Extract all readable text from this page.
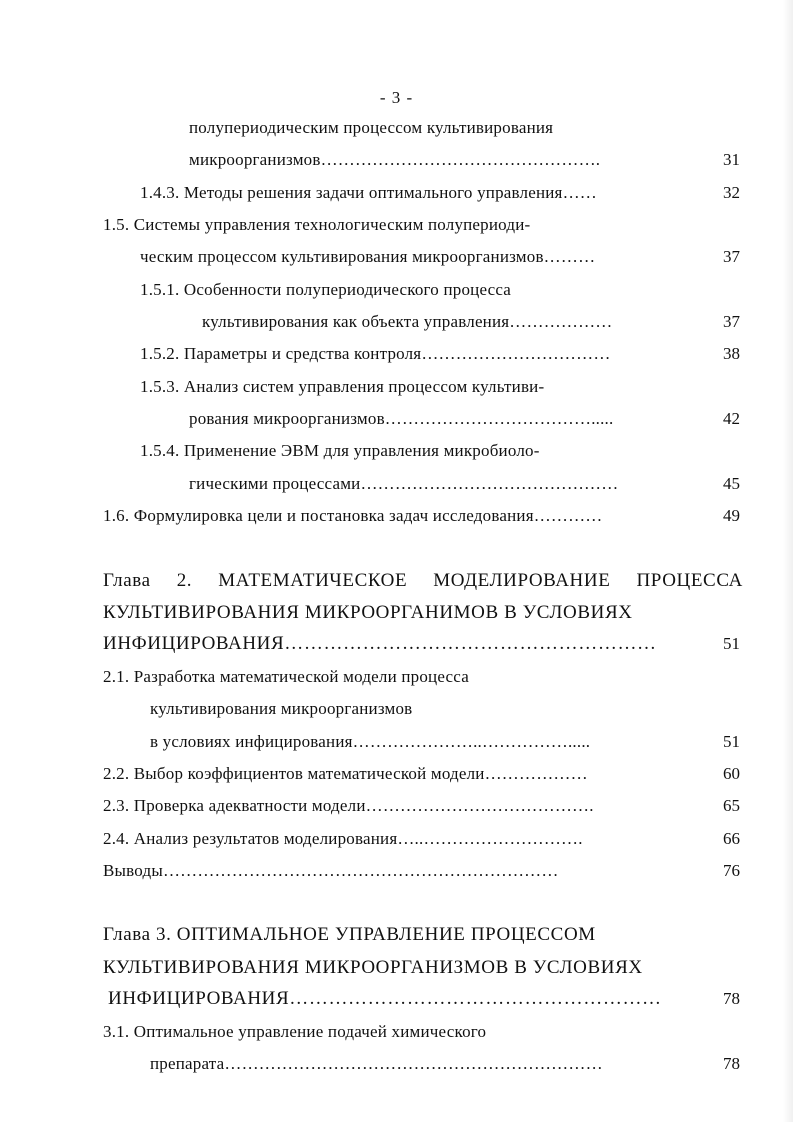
- 3 -
полупериодическим процессом культивирования
микроорганизмов………………………………………….	31
1.4.3. Методы решения задачи оптимального управления……	32
1.5. Системы управления технологическим полупериоди-
ческим процессом культивирования микроорганизмов………	37
1.5.1. Особенности полупериодического процесса
культивирования как объекта управления………………	37
1.5.2. Параметры и средства контроля……………………………	38
1.5.3. Анализ систем управления процессом культиви-
рования микроорганизмов……………………………….....	42
1.5.4. Применение ЭВМ для управления микробиоло-
гическими процессами………………………………………	45
1.6. Формулировка цели и постановка задач исследования…………	49
Глава 2. МАТЕМАТИЧЕСКОЕ МОДЕЛИРОВАНИЕ ПРОЦЕССА
КУЛЬТИВИРОВАНИЯ МИКРООРГАНИМОВ В УСЛОВИЯХ
ИНФИЦИРОВАНИЯ…………………………………………………	51
2.1. Разработка математической модели процесса
культивирования микроорганизмов
в условиях инфицирования…………………..…………….....	51
2.2. Выбор коэффициентов математической модели………………	60
2.3. Проверка адекватности модели………………………………….	65
2.4. Анализ результатов моделирования…..……………………….	66
Выводы……………………………………………………………	76
Глава 3. ОПТИМАЛЬНОЕ УПРАВЛЕНИЕ ПРОЦЕССОМ
КУЛЬТИВИРОВАНИЯ МИКРООРГАНИЗМОВ В УСЛОВИЯХ
ИНФИЦИРОВАНИЯ…………………………………………………	78
3.1. Оптимальное управление подачей химического
препарата…………………………………………………………	78
